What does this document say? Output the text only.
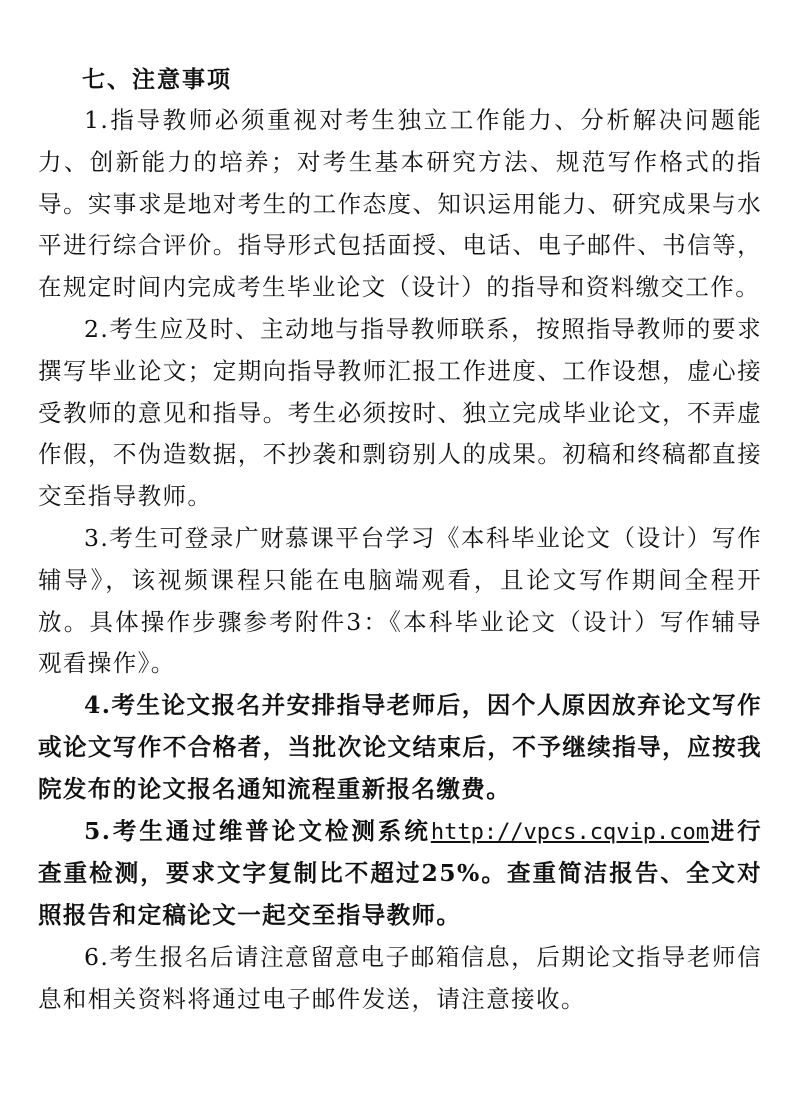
七、注意事项

1.指导教师必须重视对考生独立工作能力、分析解决问题能力、创新能力的培养；对考生基本研究方法、规范写作格式的指导。实事求是地对考生的工作态度、知识运用能力、研究成果与水平进行综合评价。指导形式包括面授、电话、电子邮件、书信等，在规定时间内完成考生毕业论文（设计）的指导和资料缴交工作。

2.考生应及时、主动地与指导教师联系，按照指导教师的要求撰写毕业论文；定期向指导教师汇报工作进度、工作设想，虚心接受教师的意见和指导。考生必须按时、独立完成毕业论文，不弄虚作假，不伪造数据，不抄袭和剽窃别人的成果。初稿和终稿都直接交至指导教师。

3.考生可登录广财慕课平台学习《本科毕业论文（设计）写作辅导》，该视频课程只能在电脑端观看，且论文写作期间全程开放。具体操作步骤参考附件3：《本科毕业论文（设计）写作辅导观看操作》。

4.考生论文报名并安排指导老师后，因个人原因放弃论文写作或论文写作不合格者，当批次论文结束后，不予继续指导，应按我院发布的论文报名通知流程重新报名缴费。

5.考生通过维普论文检测系统http://vpcs.cqvip.com进行查重检测，要求文字复制比不超过25%。查重简洁报告、全文对照报告和定稿论文一起交至指导教师。

6.考生报名后请注意留意电子邮箱信息，后期论文指导老师信息和相关资料将通过电子邮件发送，请注意接收。
